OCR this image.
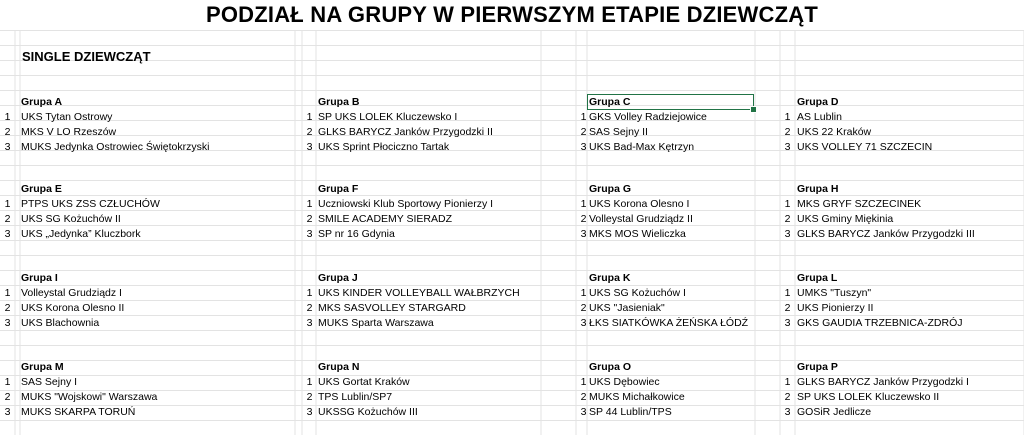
PODZIAŁ NA GRUPY W PIERWSZYM ETAPIE DZIEWCZĄT
SINGLE DZIEWCZĄT
Grupa A
1	UKS Tytan Ostrowy
2	MKS V LO Rzeszów
3	MUKS Jedynka Ostrowiec Świętokrzyski
Grupa B
1 SP UKS LOLEK Kluczewsko I
2 GLKS BARYCZ Janków Przygodzki II
3 UKS Sprint Płociczno Tartak
Grupa C
1 GKS Volley Radziejowice
2 SAS Sejny II
3 UKS Bad-Max Kętrzyn
Grupa D
1 AS Lublin
2 UKS 22 Kraków
3 UKS VOLLEY 71 SZCZECIN
Grupa E
1	PTPS UKS ZSS CZŁUCHÓW
2	UKS SG Kożuchów II
3	UKS „Jedynka” Kluczbork
Grupa F
1 Uczniowski Klub Sportowy Pionierzy I
2 SMILE ACADEMY SIERADZ
3 SP nr 16 Gdynia
Grupa G
1 UKS Korona Olesno I
2 Volleystal Grudziądz II
3 MKS MOS Wieliczka
Grupa H
1 MKS GRYF SZCZECINEK
2 UKS Gminy Miękinia
3 GLKS BARYCZ Janków Przygodzki III
Grupa I
1	Volleystal Grudziądz I
2	UKS Korona Olesno II
3	UKS Blachownia
Grupa J
1 UKS KINDER VOLLEYBALL WAŁBRZYCH
2 MKS SASVOLLEY STARGARD
3 MUKS Sparta Warszawa
Grupa K
1 UKS SG Kożuchów I
2 UKS "Jasieniak"
3 ŁKS SIATKÓWKA ŻEŃSKA ŁÓDŹ
Grupa L
1 UMKS "Tuszyn"
2 UKS Pionierzy II
3 GKS GAUDIA TRZEBNICA-ZDRÓJ
Grupa M
1	SAS Sejny I
2	MUKS "Wojskowi" Warszawa
3	MUKS SKARPA TORUŃ
Grupa N
1 UKS Gortat Kraków
2 TPS Lublin/SP7
3 UKSSG Kożuchów III
Grupa O
1 UKS Dębowiec
2 MUKS Michałkowice
3 SP 44 Lublin/TPS
Grupa P
1 GLKS BARYCZ Janków Przygodzki I
2 SP UKS LOLEK Kluczewsko II
3 GOSiR Jedlicze
